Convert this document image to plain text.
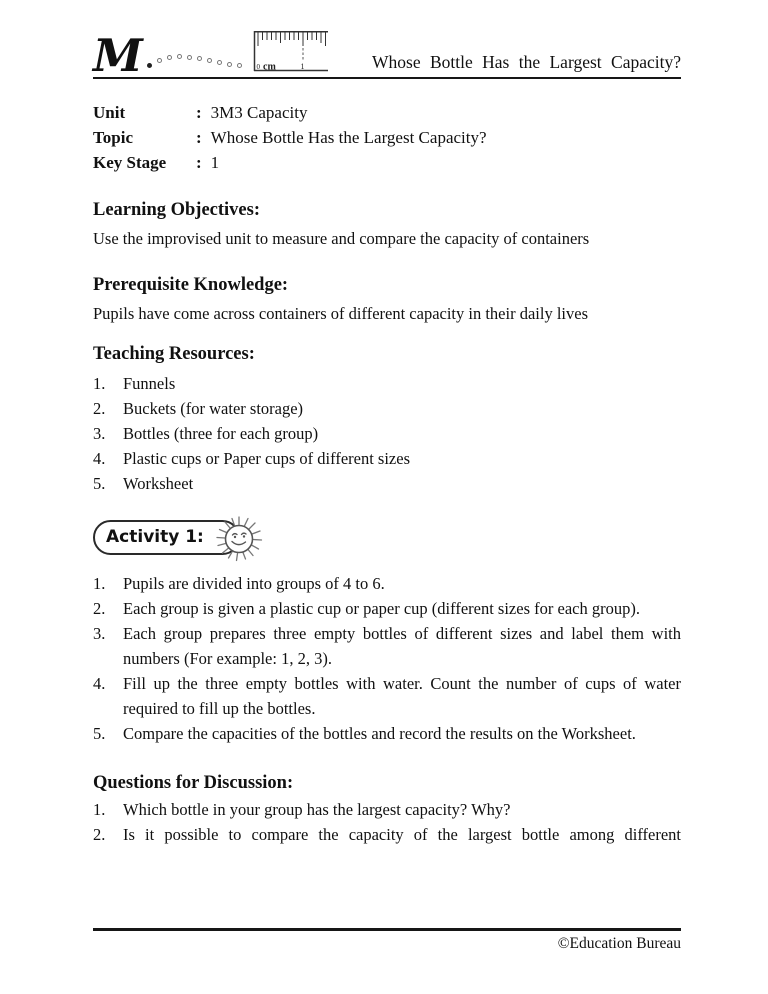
M	0 cm	1	Whose Bottle Has the Largest Capacity?
Unit	: 3M3 Capacity
Topic	: Whose Bottle Has the Largest Capacity?
Key Stage	: 1
Learning Objectives:

Use the improvised unit to measure and compare the capacity of containers

Prerequisite Knowledge:

Pupils have come across containers of different capacity in their daily lives

Teaching Resources:
1.	Funnels
2.	Buckets (for water storage)
3.	Bottles (three for each group)
4.	Plastic cups or Paper cups of different sizes
5.	Worksheet
Activity 1:
1.	Pupils are divided into groups of 4 to 6.
2.	Each group is given a plastic cup or paper cup (different sizes for each group).
3.	Each group prepares three empty bottles of different sizes and label them with numbers (For example: 1, 2, 3).
4.	Fill up the three empty bottles with water. Count the number of cups of water required to fill up the bottles.
5.	Compare the capacities of the bottles and record the results on the Worksheet.
Questions for Discussion:
1.	Which bottle in your group has the largest capacity? Why?
2.	Is it possible to compare the capacity of the largest bottle among different
©Education Bureau
